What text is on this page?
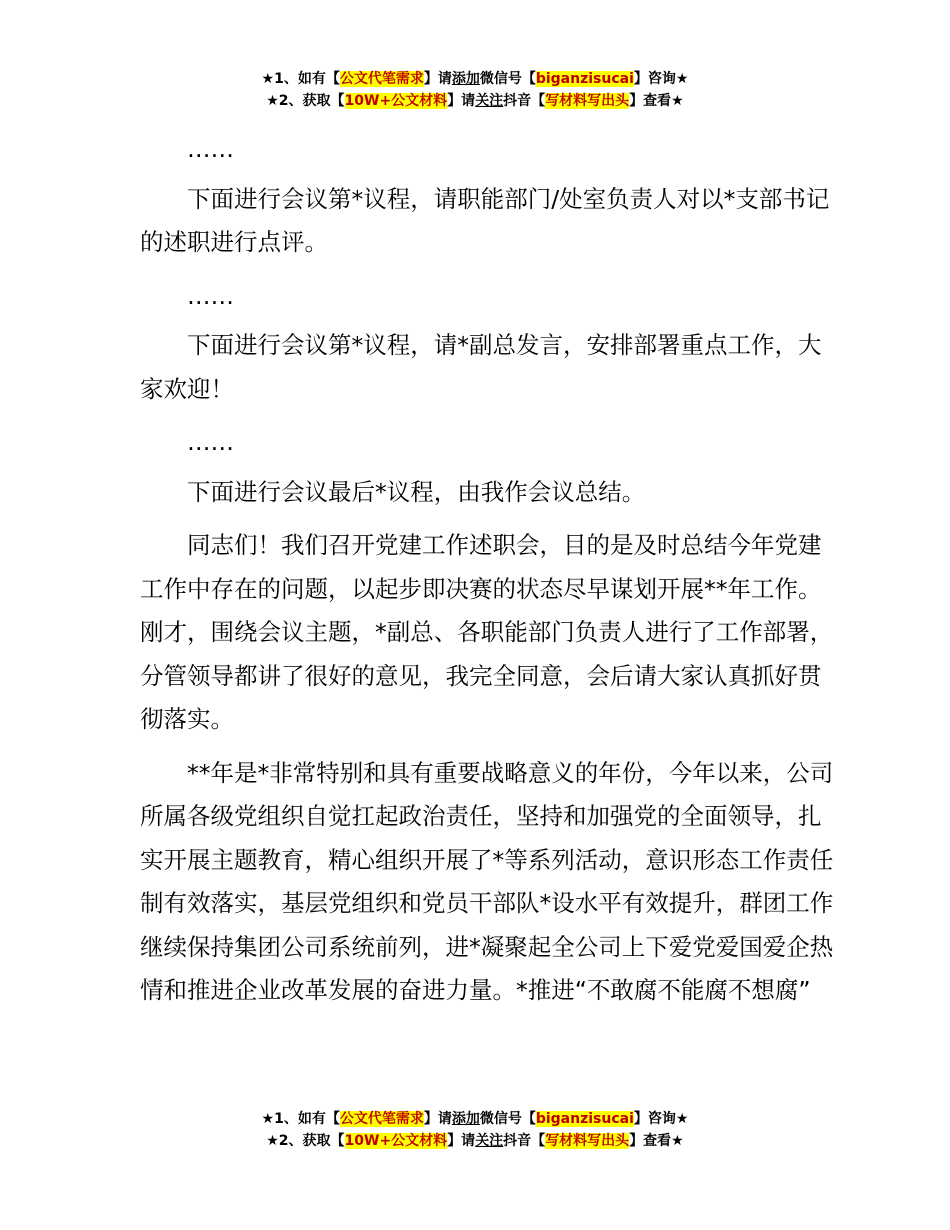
★1、如有【公文代笔需求】请添加微信号【biganzisucai】咨询★
★2、获取【10W+公文材料】请关注抖音【写材料写出头】查看★

……

下面进行会议第*议程，请职能部门/处室负责人对以*支部书记的述职进行点评。

……

下面进行会议第*议程，请*副总发言，安排部署重点工作，大家欢迎！

……

下面进行会议最后*议程，由我作会议总结。

同志们！我们召开党建工作述职会，目的是及时总结今年党建工作中存在的问题，以起步即决赛的状态尽早谋划开展**年工作。刚才，围绕会议主题，*副总、各职能部门负责人进行了工作部署，分管领导都讲了很好的意见，我完全同意，会后请大家认真抓好贯彻落实。

**年是*非常特别和具有重要战略意义的年份，今年以来，公司所属各级党组织自觉扛起政治责任，坚持和加强党的全面领导，扎实开展主题教育，精心组织开展了*等系列活动，意识形态工作责任制有效落实，基层党组织和党员干部队*设水平有效提升，群团工作继续保持集团公司系统前列，进*凝聚起全公司上下爱党爱国爱企热情和推进企业改革发展的奋进力量。*推进“不敢腐不能腐不想腐”

★1、如有【公文代笔需求】请添加微信号【biganzisucai】咨询★
★2、获取【10W+公文材料】请关注抖音【写材料写出头】查看★
